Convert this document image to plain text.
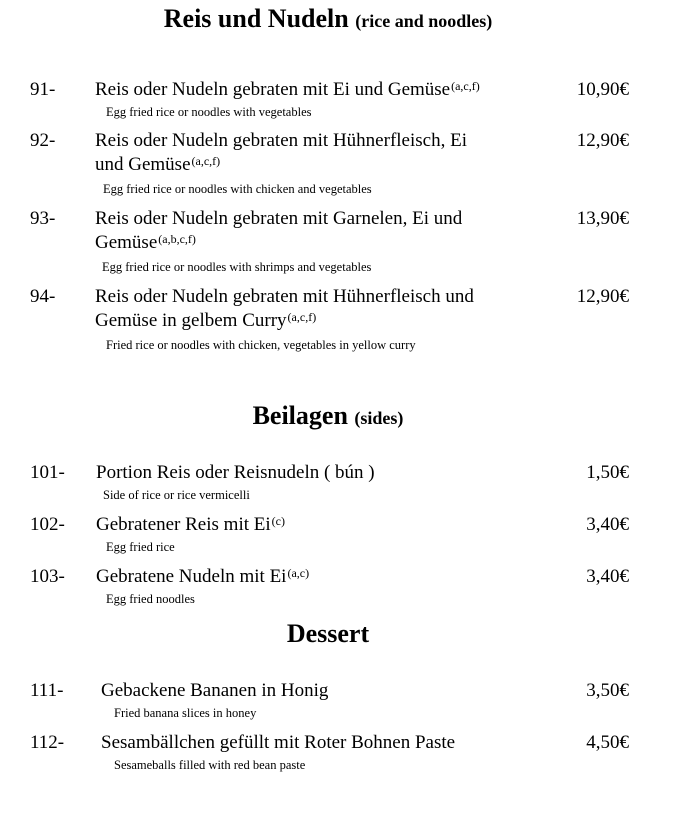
Reis und Nudeln (rice and noodles)
91- Reis oder Nudeln gebraten mit Ei und Gemüse$^{(a,c,f)}$
Egg fried rice or noodles with vegetables
10,90€
92- Reis oder Nudeln gebraten mit Hühnerfleisch, Ei
und Gemüse$^{(a,c,f)}$
Egg fried rice or noodles with chicken and vegetables
12,90€
93- Reis oder Nudeln gebraten mit Garnelen, Ei und
Gemüse$^{(a,b,c,f)}$
Egg fried rice or noodles with shrimps and vegetables
13,90€
94- Reis oder Nudeln gebraten mit Hühnerfleisch und
Gemüse in gelbem Curry$^{(a,c,f)}$
Fried rice or noodles with chicken, vegetables in yellow curry
12,90€
Beilagen (sides)
101- Portion Reis oder Reisnudeln ( bún )
Side of rice or rice vermicelli
1,50€
102- Gebratener Reis mit Ei$^{(c)}$
Egg fried rice
3,40€
103- Gebratene Nudeln mit Ei$^{(a,c)}$
Egg fried noodles
3,40€
Dessert
111- Gebackene Bananen in Honig
Fried banana slices in honey
3,50€
112- Sesambällchen gefüllt mit Roter Bohnen Paste
Sesameballs filled with red bean paste
4,50€
